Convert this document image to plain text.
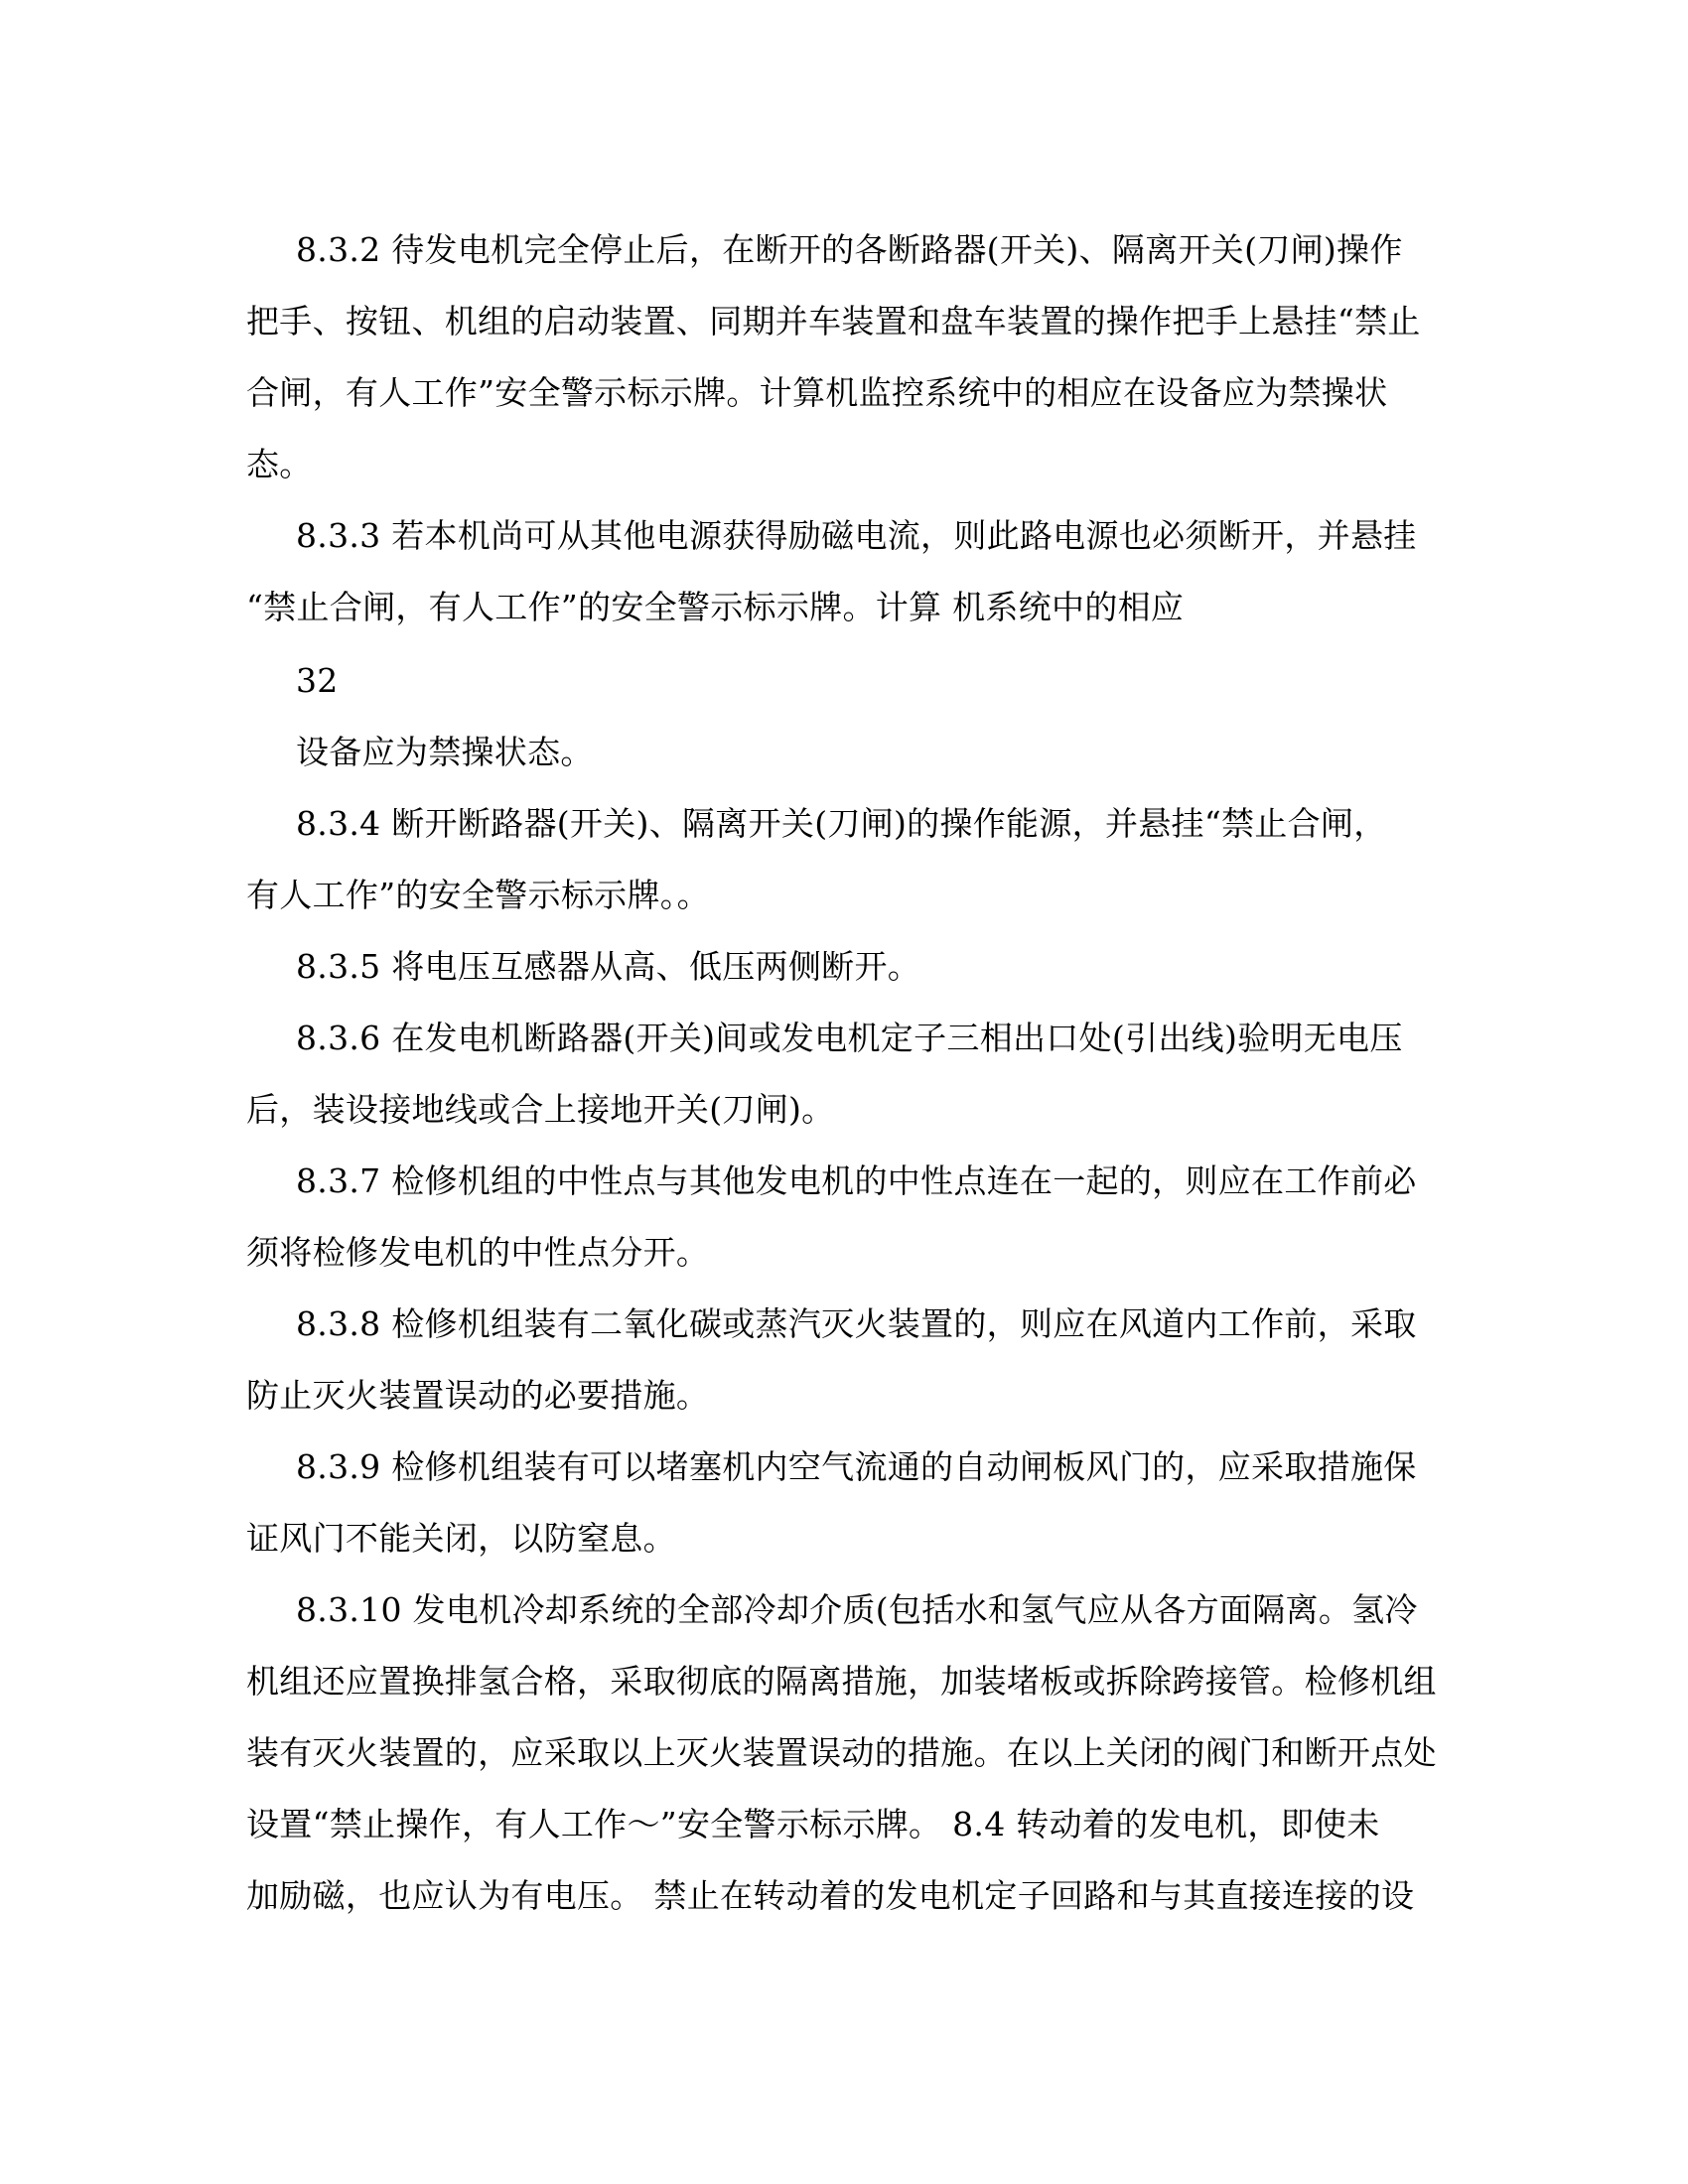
8.3.2 待发电机完全停止后，在断开的各断路器(开关)、隔离开关(刀闸)操作
把手、按钮、机组的启动装置、同期并车装置和盘车装置的操作把手上悬挂“禁止
合闸，有人工作”安全警示标示牌。计算机监控系统中的相应在设备应为禁操状
态。
8.3.3 若本机尚可从其他电源获得励磁电流，则此路电源也必须断开，并悬挂
“禁止合闸，有人工作”的安全警示标示牌。计算 机系统中的相应
32
设备应为禁操状态。
8.3.4 断开断路器(开关)、隔离开关(刀闸)的操作能源，并悬挂“禁止合闸，
有人工作”的安全警示标示牌。。
8.3.5 将电压互感器从高、低压两侧断开。
8.3.6 在发电机断路器(开关)间或发电机定子三相出口处(引出线)验明无电压
后，装设接地线或合上接地开关(刀闸)。
8.3.7 检修机组的中性点与其他发电机的中性点连在一起的，则应在工作前必
须将检修发电机的中性点分开。
8.3.8 检修机组装有二氧化碳或蒸汽灭火装置的，则应在风道内工作前，采取
防止灭火装置误动的必要措施。
8.3.9 检修机组装有可以堵塞机内空气流通的自动闸板风门的，应采取措施保
证风门不能关闭，以防窒息。
8.3.10 发电机冷却系统的全部冷却介质(包括水和氢气应从各方面隔离。氢冷
机组还应置换排氢合格，采取彻底的隔离措施，加装堵板或拆除跨接管。检修机组
装有灭火装置的，应采取以上灭火装置误动的措施。在以上关闭的阀门和断开点处
设置“禁止操作，有人工作～”安全警示标示牌。 8.4 转动着的发电机，即使未
加励磁，也应认为有电压。 禁止在转动着的发电机定子回路和与其直接连接的设
